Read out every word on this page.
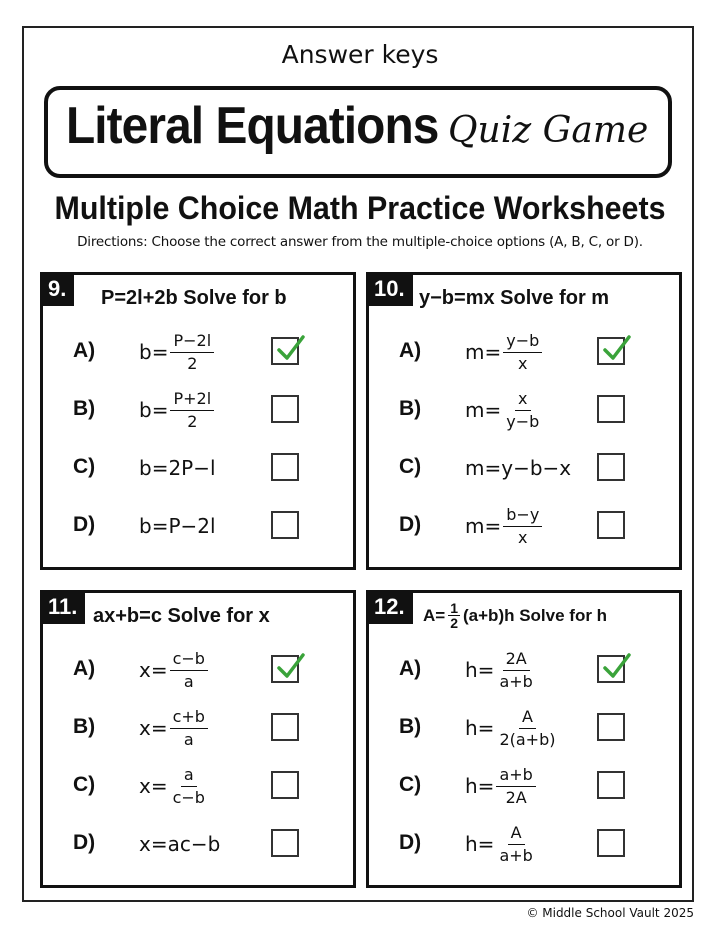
Answer keys
Literal Equations Quiz Game
Multiple Choice Math Practice Worksheets
Directions: Choose the correct answer from the multiple-choice options (A, B, C, or D).
9.	P=2l+2b Solve for b
A) $b= \frac{P-2l}{2}$
B) $b= \frac{P+2l}{2}$
C) b=2P−l
D) b=P−2l
10. y−b=mx Solve for m
A) $m= \frac{y-b}{x}$
B) $m= \frac{x}{y-b}$
C) m=y−b−x
D) $m= \frac{b-y}{x}$
11. ax+b=c Solve for x
A) $x= \frac{c-b}{a}$
B) $x= \frac{c+b}{a}$
C) $x= \frac{a}{c-b}$
D) x=ac−b
12.	$A= \frac{1}{2} (a+b)h$ Solve for h
A) $h= \frac{2A}{a+b}$
B) $h= \frac{A}{2(a+b)}$
C) $h= \frac{a+b}{2A}$
D) $h= \frac{A}{a+b}$
© Middle School Vault 2025
